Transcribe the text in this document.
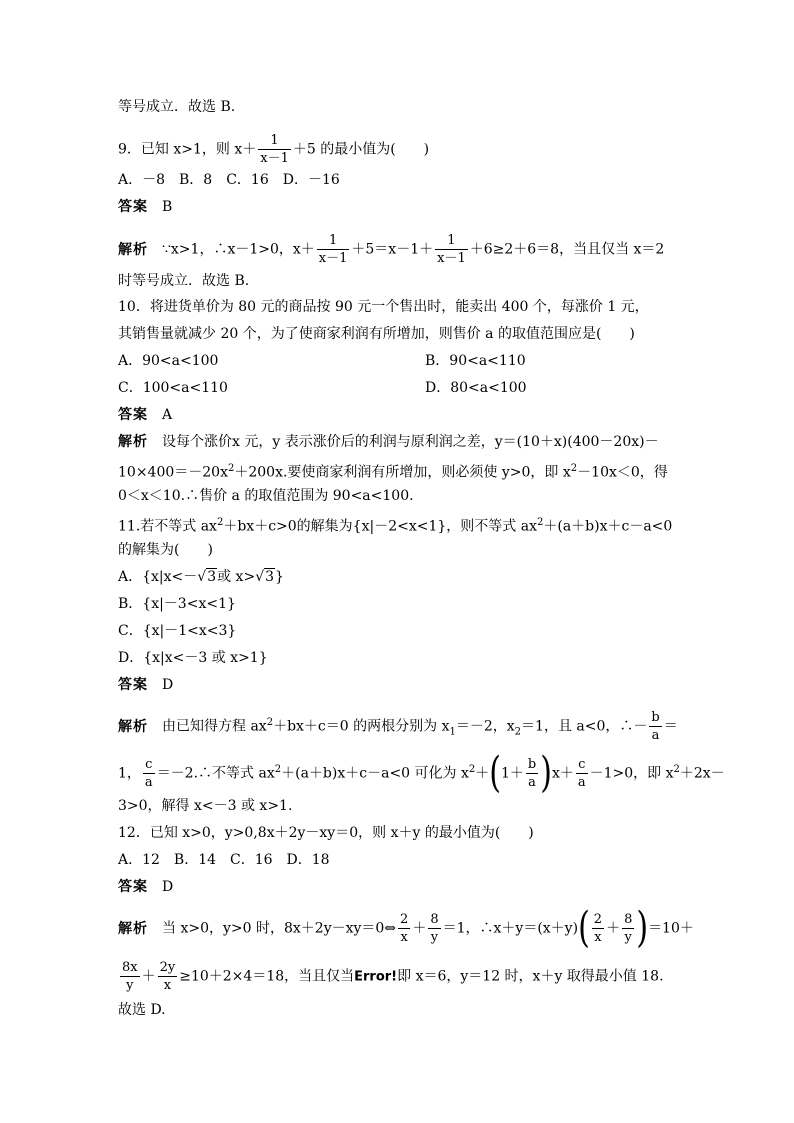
等号成立．故选 B.
9．已知 x>1，则 $x+ \frac{1}{x-1} +5$ 的最小值为(　　)
A．－8　B．8　C．16　D．－16
答案 B
解析 ∵x>1，∴x－1>0，$x+ \frac{1}{x-1} +5=x-1+ \frac{1}{x-1} +6\ge 2+6=8$，当且仅当 x＝2
时等号成立．故选 B.
10．将进货单价为 80 元的商品按 90 元一个售出时，能卖出 400 个，每涨价 1 元，
其销售量就减少 20 个，为了使商家利润有所增加，则售价 a 的取值范围应是(　　)
A．90<a<100	B．90<a<110
C．100<a<110	D．80<a<100
答案 A
解析 设每个涨价x 元，y 表示涨价后的利润与原利润之差，y＝(10＋x)(400－20x)－
$10\times 400=-20x^2+200x$.要使商家利润有所增加，则必须使 y>0，即 $x^2-10x<0$，得
0＜x＜10.∴售价 a 的取值范围为 90<a<100.
11.若不等式 $ax^2+bx+c>0$的解集为{x|－2<x<1}，则不等式 $ax^2+(a+b)x+c-a<0$
的解集为(　　)
A．{x|x<－√3或 x>√3}
B．{x|－3<x<1}
C．{x|－1<x<3}
D．{x|x<－3 或 x>1}
答案 D
解析 由已知得方程 $ax^2+bx+c=0$ 的两根分别为 $x_1=-2$，$x_2=1$，且 a<0，∴－ $\frac{b}{a}$ ＝
1， $\frac{c}{a}$ ＝－2.∴不等式 $ax^2+(a+b)x+c-a<0$ 可化为 $x^2+(1+ \frac{b}{a} )x+ \frac{c}{a} -1>0$，即 $x^2+2x-$
3>0，解得 x<－3 或 x>1.
12．已知 x>0，y>0,8x＋2y－xy＝0，则 x＋y 的最小值为(　　)
A．12　B．14　C．16　D．18
答案 D
解析 当 x>0，y>0 时，8x＋2y－xy＝0⇔ $\frac{2}{x} + \frac{8}{y} =1$，∴x＋y＝(x＋y)( $\frac{2}{x} + \frac{8}{y} )=10+$
$\frac{8x}{y} + \frac{2y}{x} \ge 10+2\times 4=18$，当且仅当Error!即 x＝6，y＝12 时，x＋y 取得最小值 18.
故选 D.
